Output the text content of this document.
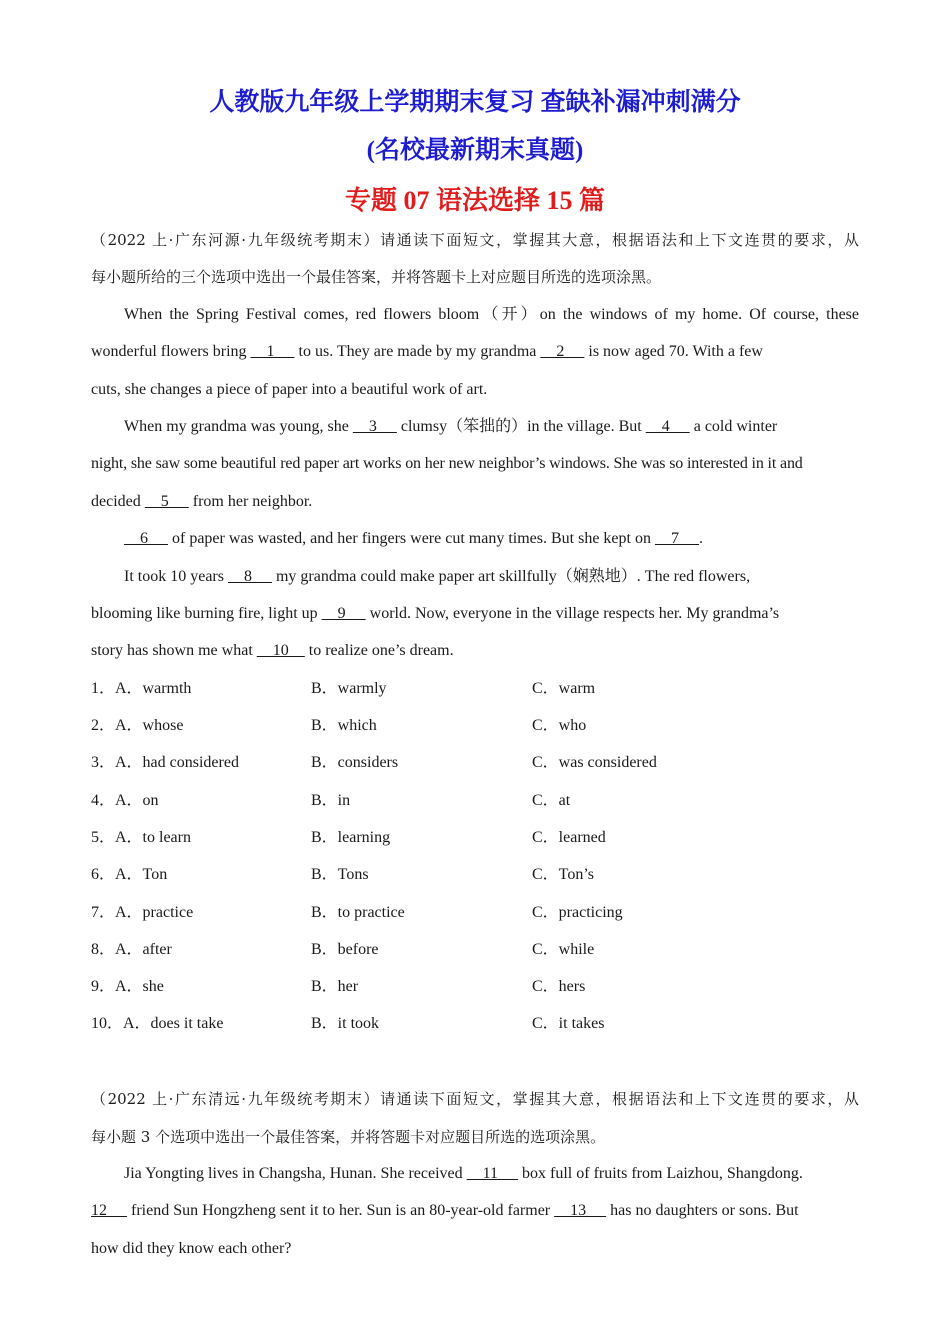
人教版九年级上学期期末复习 查缺补漏冲刺满分
(名校最新期末真题)
专题 07 语法选择 15 篇
（2022 上·广东河源·九年级统考期末）请通读下面短文，掌握其大意，根据语法和上下文连贯的要求，从
每小题所给的三个选项中选出一个最佳答案，并将答题卡上对应题目所选的选项涂黑。
When the Spring Festival comes, red flowers bloom（开）on the windows of my home. Of course, these
wonderful flowers bring     1      to us. They are made by my grandma     2      is now aged 70. With a few
cuts, she changes a piece of paper into a beautiful work of art.
When my grandma was young, she     3      clumsy（笨拙的）in the village. But     4      a cold winter
night, she saw some beautiful red paper art works on her new neighbor’s windows. She was so interested in it and
decided     5      from her neighbor.
6      of paper was wasted, and her fingers were cut many times. But she kept on     7     .
It took 10 years     8      my grandma could make paper art skillfully（娴熟地）. The red flowers,
blooming like burning fire, light up     9      world. Now, everyone in the village respects her. My grandma’s
story has shown me what     10     to realize one’s dream.
1．A．warmth	B．warmly	C．warm
2．A．whose	B．which	C．who
3．A．had considered	B．considers	C．was considered
4．A．on	B．in	C．at
5．A．to learn	B．learning	C．learned
6．A．Ton	B．Tons	C．Ton’s
7．A．practice	B．to practice	C．practicing
8．A．after	B．before	C．while
9．A．she	B．her	C．hers
10．A．does it take	B．it took	C．it takes
（2022 上·广东清远·九年级统考期末）请通读下面短文，掌握其大意，根据语法和上下文连贯的要求，从
每小题 3 个选项中选出一个最佳答案，并将答题卡对应题目所选的选项涂黑。
Jia Yongting lives in Changsha, Hunan. She received     11      box full of fruits from Laizhou, Shangdong.
12      friend Sun Hongzheng sent it to her. Sun is an 80-year-old farmer     13      has no daughters or sons. But
how did they know each other?
